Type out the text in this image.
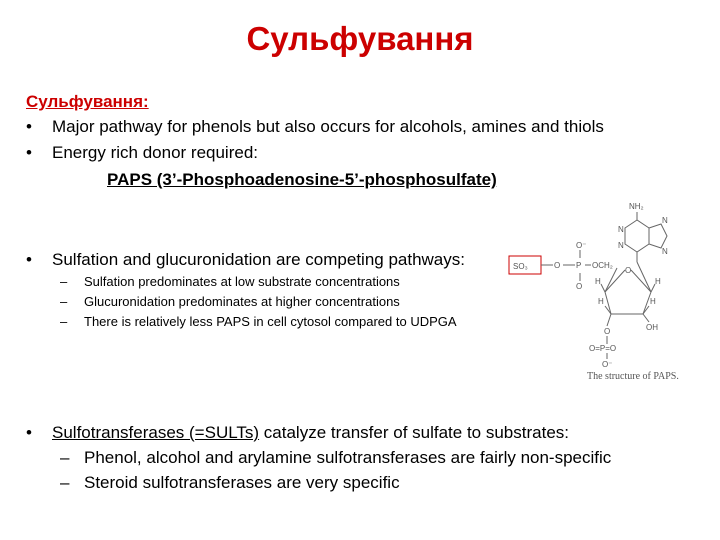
Сульфування
Сульфування:
• Major pathway for phenols but also occurs for alcohols, amines and thiols
• Energy rich donor required:
PAPS (3’-Phosphoadenosine-5’-phosphosulfate)
• Sulfation and glucuronidation are competing pathways:
– Sulfation predominates at low substrate concentrations
– Glucuronidation predominates at higher concentrations
– There is relatively less PAPS in cell cytosol compared to UDPGA
• Sulfotransferases (=SULTs) catalyze transfer of sulfate to substrates:
– Phenol, alcohol and arylamine sulfotransferases are fairly non-specific
– Steroid sulfotransferases are very specific
SO₃	O
O⁻
P
O
OCH₂
O
NH₂
N
N
N
N
H	H
H	H
OH
O
O=P=O
O⁻
The structure of PAPS.
